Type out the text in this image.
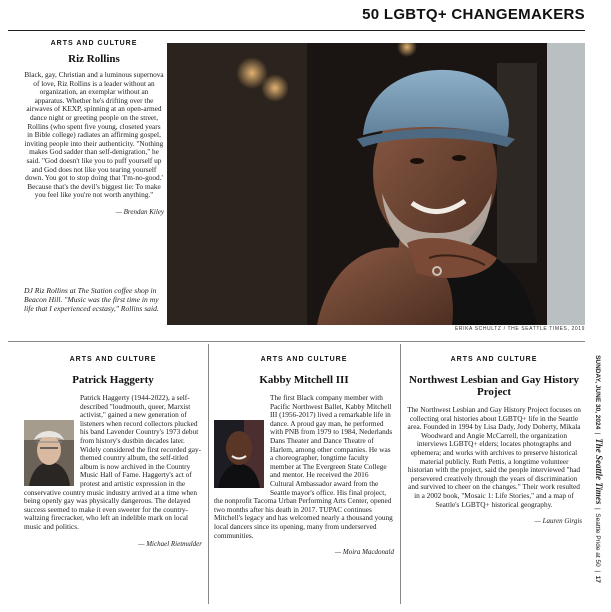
50 LGBTQ+ CHANGEMAKERS
ARTS AND CULTURE
Riz Rollins
Black, gay, Christian and a luminous supernova of love, Riz Rollins is a leader without an organization, an exemplar without an apparatus. Whether he's drifting over the airwaves of KEXP, spinning at an open-armed dance night or greeting people on the street, Rollins (who spent five young, closeted years in Bible college) radiates an affirming gospel, inviting people into their authenticity. "Nothing makes God sadder than self-denigration," he said. "God doesn't like you to puff yourself up and God does not like you tearing yourself down. You got to stop doing that 'I'm-no-good.' Because that's the devil's biggest lie: To make you feel like you're not worth anything."
— Brendan Kiley
DJ Riz Rollins at The Station coffee shop in Beacon Hill. "Music was the first time in my life that I experienced ecstasy," Rollins said.
ERIKA SCHULTZ / THE SEATTLE TIMES, 2019
ARTS AND CULTURE
Patrick Haggerty
Patrick Haggerty (1944-2022), a self-described "loudmouth, queer, Marxist activist," gained a new generation of listeners when record collectors plucked his band Lavender Country's 1973 debut from history's dustbin decades later. Widely considered the first recorded gay-themed country album, the self-titled album is now archived in the Country Music Hall of Fame. Haggerty's act of protest and artistic expression in the conservative country music industry arrived at a time when being openly gay was physically dangerous. The delayed success seemed to make it even sweeter for the country-waltzing firecracker, who left an indelible mark on local music and politics.
— Michael Rietmulder
ARTS AND CULTURE
Kabby Mitchell III
The first Black company member with Pacific Northwest Ballet, Kabby Mitchell III (1956-2017) lived a remarkable life in dance. A proud gay man, he performed with PNB from 1979 to 1984, Nederlands Dans Theater and Dance Theatre of Harlem, among other companies. He was a choreographer, longtime faculty member at The Evergreen State College and mentor. He received the 2016 Cultural Ambassador award from the Seattle mayor's office. His final project, the nonprofit Tacoma Urban Performing Arts Center, opened two months after his death in 2017. TUPAC continues Mitchell's legacy and has welcomed nearly a thousand young local dancers since its opening, many from underserved communities.
— Moira Macdonald
ARTS AND CULTURE
Northwest Lesbian and Gay History Project
The Northwest Lesbian and Gay History Project focuses on collecting oral histories about LGBTQ+ life in the Seattle area. Founded in 1994 by Lisa Dady, Jody Doherty, Mikala Woodward and Angie McCarrell, the organization interviews LGBTQ+ elders; locates photographs and ephemera; and works with archives to preserve historical material publicly. Ruth Pettis, a longtime volunteer historian with the project, said the people interviewed "had persevered creatively through the years of discrimination and survived to cheer on the changes." Their work resulted in a 2002 book, "Mosaic 1: Life Stories," and a map of Seattle's LGBTQ+ historical geography.
— Lauren Girgis
SUNDAY, JUNE 30, 2024  |  The Seattle Times  |  Seattle Pride at 50  |  17
